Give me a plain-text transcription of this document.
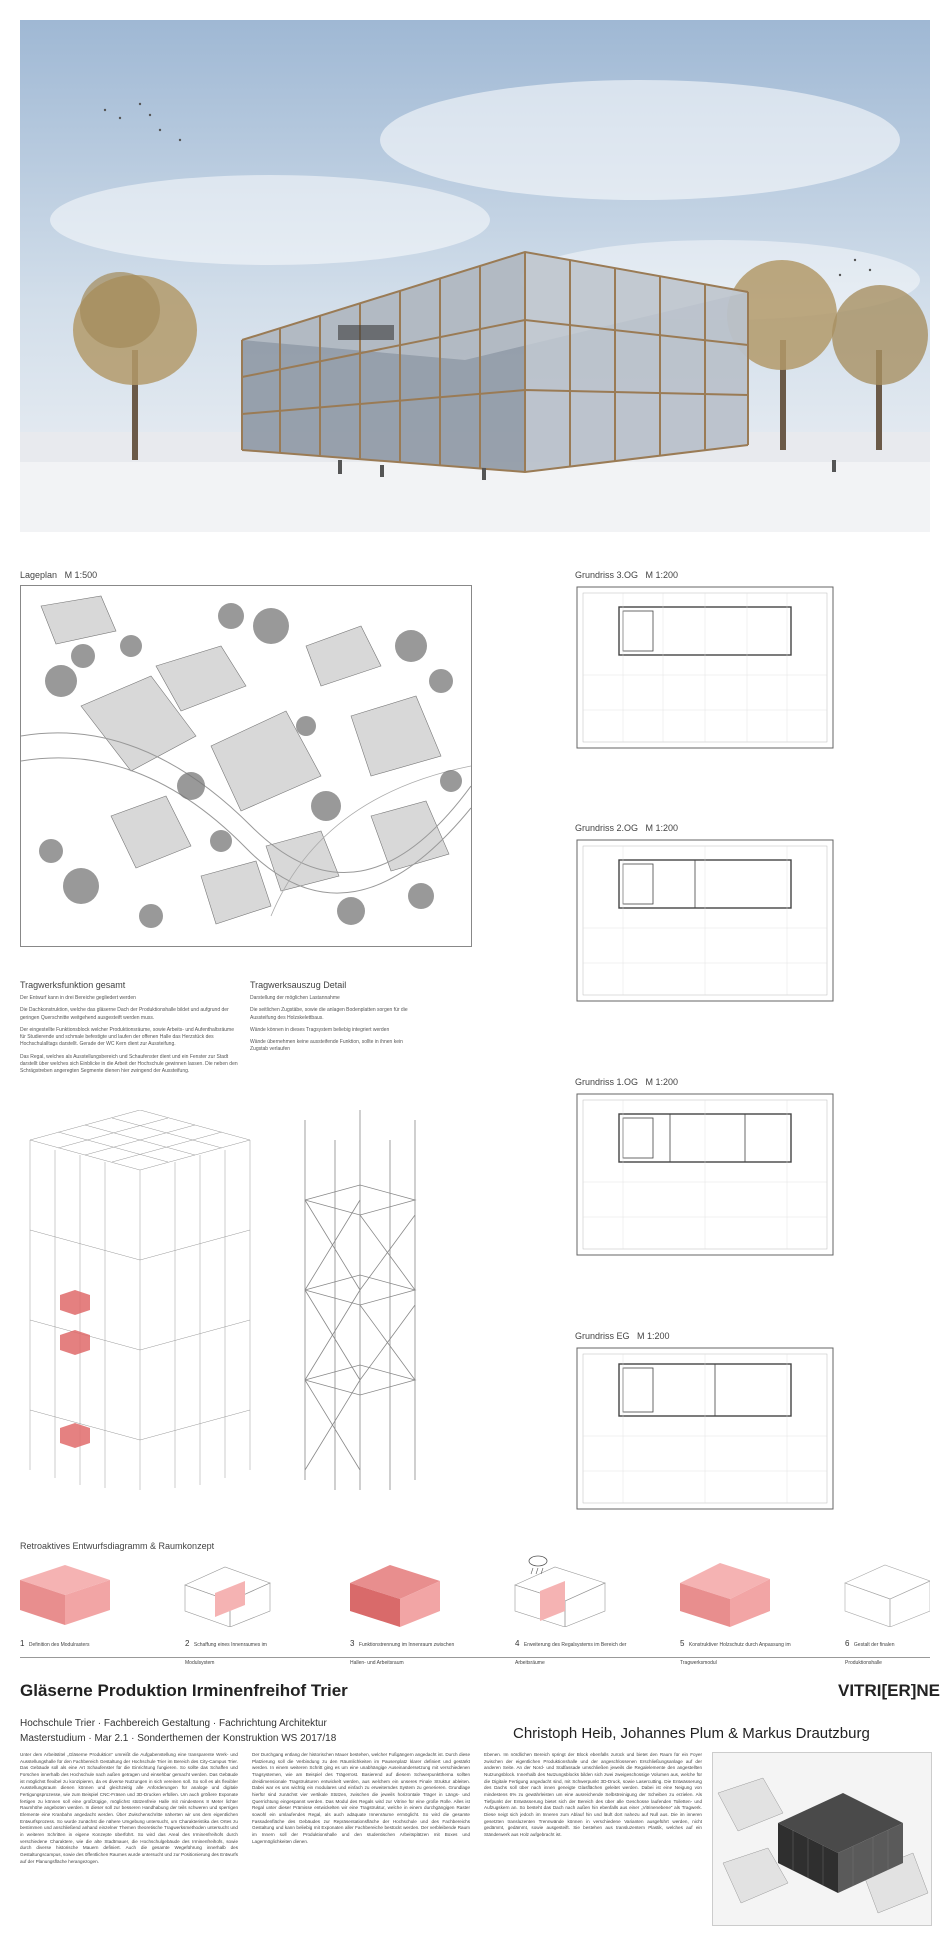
Lageplan M 1:500	Grundriss 3.OG M 1:200
Grundriss 2.OG M 1:200
Grundriss 1.OG M 1:200
Grundriss EG M 1:200
Tragwerksfunktion gesamt
Der Entwurf kann in drei Bereiche gegliedert werden
Die Dachkonstruktion, welche das gläserne Dach der Produktionshalle bildet und aufgrund der geringen Querschnitte weitgehend ausgesteift werden muss.
Der eingestellte Funktionsblock welcher Produktionsräume, sowie Arbeits- und Aufenthaltsräume für Studierende und schmale befestigte und laufen der offenen Halle das Herzstück des Hochschulalltags darstellt. Gerade der WC Kern dient zur Aussteifung.
Das Regal, welches als Ausstellungsbereich und Schaufenster dient und ein Fenster zur Stadt darstellt über welches sich Einblicke in die Arbeit der Hochschule gewinnen lassen. Die neben den Schrägstreben angeregten Segmente dienen hier zwingend der Aussteifung.
Tragwerksauszug Detail
Darstellung der möglichen Lastannahme
Die seitlichen Zugstäbe, sowie die anlagen Bodenplatten sorgen für die Aussteifung des Holzskelettbaus.
Wände können in dieses Tragsystem beliebig integriert werden
Wände übernehmen keine aussteifende Funktion, sollte in ihnen kein Zugstab verlaufen
Retroaktives Entwurfsdiagramm & Raumkonzept
1 Definition des Modulrasters	2 Schaffung eines Innenraumes im Modulsystem
3 Funktionstrennung im Innenraum zwischen Hallen- und Arbeitsraum
4 Erweiterung des Regalsystems im Bereich der Arbeitsräume
5 Konstruktiver Holzschutz durch Anpassung im Tragwerksmodul
6 Gestalt der finalen Produktionshalle
Gläserne Produktion Irminenfreihof Trier	VITRI[ER]NE
Hochschule Trier · Fachbereich Gestaltung · Fachrichtung Architektur
Masterstudium · Mar 2.1 · Sonderthemen der Konstruktion WS 2017/18	Christoph Heib, Johannes Plum & Markus Drautzburg
Unter dem Arbeitstitel „Gläserne Produktion“ umreißt die Aufgabenstellung eine transparente Werk- und Ausstellungshalle für den Fachbereich Gestaltung der Hochschule Trier im Bereich des City-Campus Trier. Das Gebäude soll als eine Art Schaufenster für die Einrichtung fungieren. So sollte das Schaffen und Forschen innerhalb des Hochschule nach außen getragen und einsehbar gemacht werden. Das Gebäude ist möglichst flexibel zu konzipieren, da es diverse Nutzungen in sich vereinen soll. So soll es als flexibler Ausstellungsraum dienen können und gleichzeitig alle Anforderungen für analoge und digitale Fertigungsprozesse, wie zum Beispiel CNC-Fräsen und 3D-Drucken erfüllen. Um auch größere Exponate fertigen zu können soll eine großzügige, möglichst stützenfreie Halle mit mindestens 8 Meter lichter Raumhöhe angeboten werden. In dieser soll zur besseren Handhabung der teils schweren und sperrigen Elemente eine Kranbahn angedacht werden. Über Zwischenschritte näherten wir uns dem eigentlichen Entwurfsprozess. So wurde zunächst die nähere Umgebung untersucht, um Charakteristika des Ortes zu bestimmen und anschließend anhand einzelner Themen theoretische Tragwerksmethoden untersucht und in weiteren Schritten in eigene Konzepte überführt. So wird das Areal des Irminenfreihofs durch verschiedene Charaktere, wie die alte Stadtmauer, die Hochschulgebäude des Irminenfreihofs, sowie durch diverse historische Mauern definiert. Auch die gesamte Wegeführung innerhalb des Gestaltungscampus, sowie des öffentlichen Raumes wurde untersucht und zur Positionierung des Entwurfs auf der Planungsfläche herangezogen.
Der Durchgang entlang der historischen Mauer bestehen, welcher Fußgängern angedacht ist. Durch diese Platzierung soll die Verbindung zu den Räumlichkeiten im Pausenplatz klarer definiert und gestärkt werden. In einem weiteren Schritt ging es um eine unabhängige Auseinandersetzung mit verschiedenen Tragsystemen, wie am Beispiel des Trägerrost. Basierend auf diesem Schwerpunktthema sollten dreidimensionale Tragstrukturen entwickelt werden, aus welchem ein unseres Finale Struktur ableiten. Dabei war es uns wichtig ein modulares und einfach zu erweiterndes System zu generieren. Grundlage hierfür sind zunächst vier vertikale Stützen, zwischen die jeweils horizontale Träger in Längs- und Querrichtung eingespannt werden. Das Modul des Regals wird zur Vitrine für eine große Rolle. Alles ist Regal unter dieser Prämisse entwickelten wir eine Tragstruktur, welche in einem durchgängigen Raster sowohl ein umlaufendes Regal, als auch adäquate Innenräume ermöglicht. So wird die gesamte Fassadenfläche des Gebäudes zur Repräsentationsfläche der Hochschule und des Fachbereichs Gestaltung und kann beliebig mit Exponaten aller Fachbereiche bestückt werden. Der verbleibende Raum im Innern soll der Produktionshalle und den studentischen Arbeitsplätzen mit Boxes und Lagermöglichkeiten dienen.
Ebenen. Im nördlichen Bereich springt der Block ebenfalls zurück und bietet den Raum für ein Foyer zwischen der eigentlichen Produktionshalle und der angeschlossenen Erschließungsanlage auf der anderen Seite. An der Nord- und Südfassade umschließen jeweils die Regalelemente den angestellten Nutzungsblock. Innerhalb des Nutzungsblocks bilden sich zwei zweigeschossige Volumen aus, welche für die Digitale Fertigung angedacht sind, mit Schwerpunkt 3D-Druck, sowie Lasercutting. Die Entwässerung des Dachs soll über nach innen geneigte Glasflächen geleitet werden. Dabei ist eine Neigung von mindestens 6% zu gewährleisten um eine ausreichende Selbstreinigung der Scheiben zu erzielen. Als Tiefpunkt der Entwässerung bietet sich der Bereich des über alle Geschosse laufenden Toiletten- und Aufzugskern an. So besteht das Dach nach außen hin ebenfalls aus einer „Vitrinenebene“ als Tragwerk. Diese neigt sich jedoch im Inneren zum Ablauf hin und läuft dort nahezu auf Null aus. Die im inneren gesetzten transluzenten Trennwände können in verschiedene Varianten ausgeführt werden, nicht gedämmt, gedämmt, sowie ausgesteift. Sie bestehen aus transluzentem Plastik, welches auf ein Ständerwerk aus Holz aufgebracht ist.
